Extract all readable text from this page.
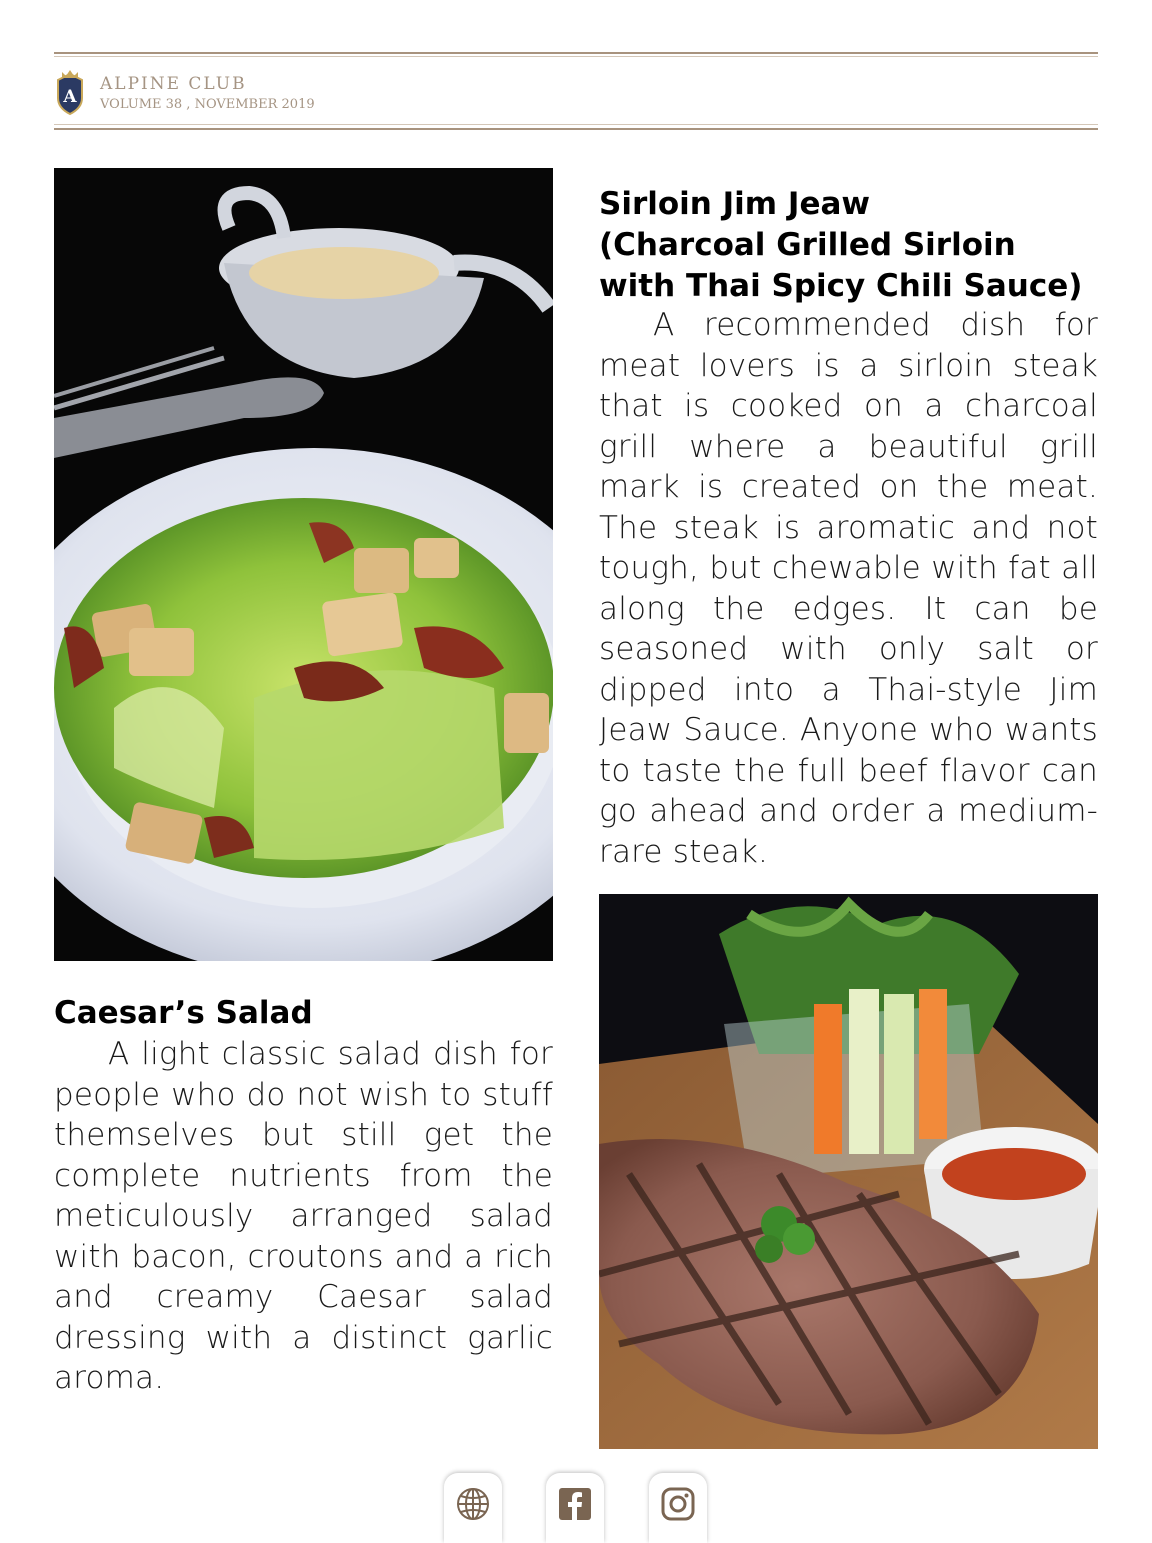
A
ALPINE CLUB
VOLUME 38 , NOVEMBER 2019
Sirloin Jim Jeaw
(Charcoal Grilled Sirloin
with Thai Spicy Chili Sauce)
A recommended dish for meat lovers is a sirloin steak that is cooked on a charcoal grill where a beautiful grill mark is created on the meat. The steak is aromatic and not tough, but chewable with fat all along the edges. It can be seasoned with only salt or dipped into a Thai-style Jim Jeaw Sauce. Anyone who wants to taste the full beef flavor can go ahead and order a medium-rare steak.
Caesar’s Salad
A light classic salad dish for people who do not wish to stuff themselves but still get the complete nutrients from the meticulously arranged salad with bacon, croutons and a rich and creamy Caesar salad dressing with a distinct garlic aroma.
